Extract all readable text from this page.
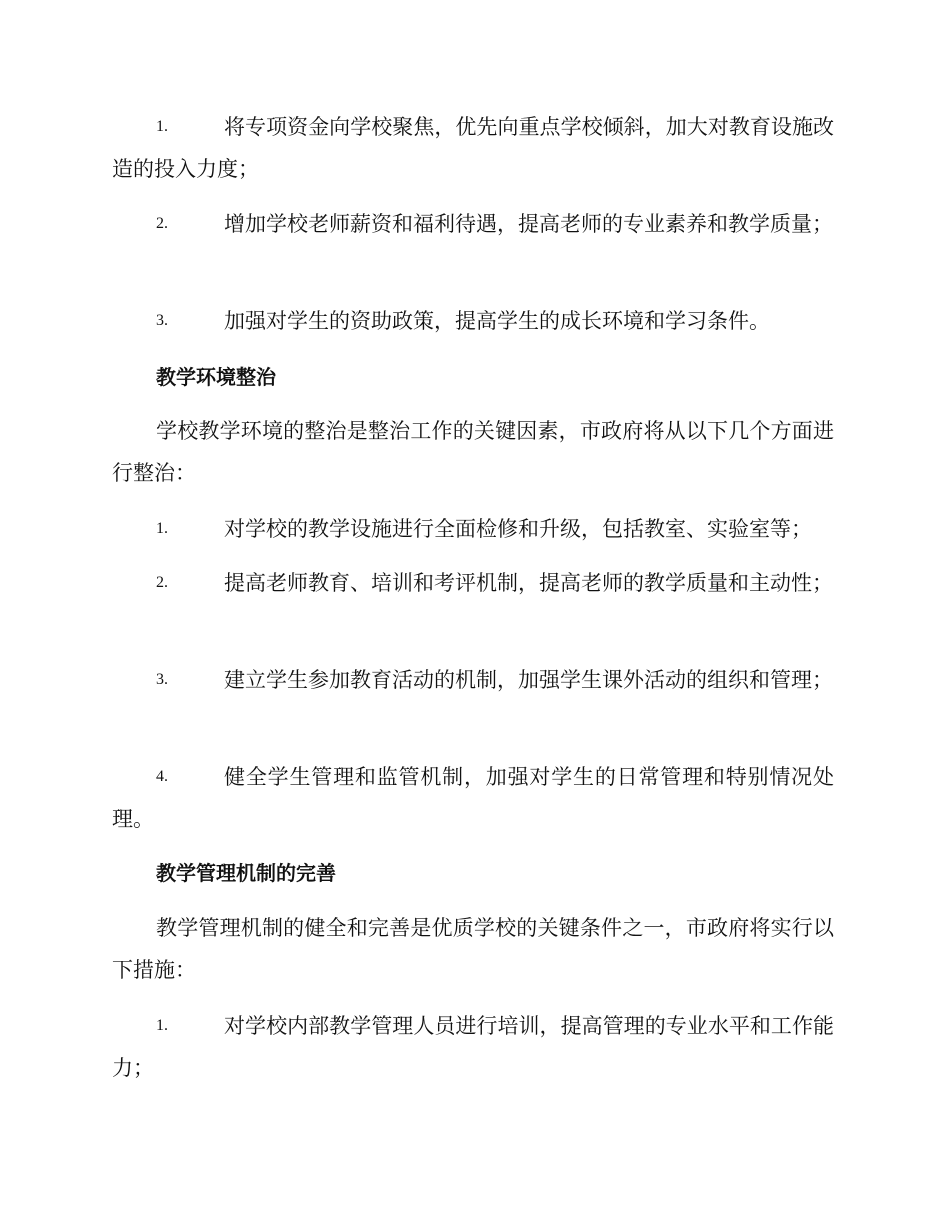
1.	将专项资金向学校聚焦，优先向重点学校倾斜，加大对教育设施改造的投入力度；
2.	增加学校老师薪资和福利待遇，提高老师的专业素养和教学质量；
3.	加强对学生的资助政策，提高学生的成长环境和学习条件。
教学环境整治
学校教学环境的整治是整治工作的关键因素，市政府将从以下几个方面进行整治：
1.	对学校的教学设施进行全面检修和升级，包括教室、实验室等；
2.	提高老师教育、培训和考评机制，提高老师的教学质量和主动性；
3.	建立学生参加教育活动的机制，加强学生课外活动的组织和管理；
4.	健全学生管理和监管机制，加强对学生的日常管理和特别情况处理。
教学管理机制的完善
教学管理机制的健全和完善是优质学校的关键条件之一，市政府将实行以下措施：
1.	对学校内部教学管理人员进行培训，提高管理的专业水平和工作能力；
